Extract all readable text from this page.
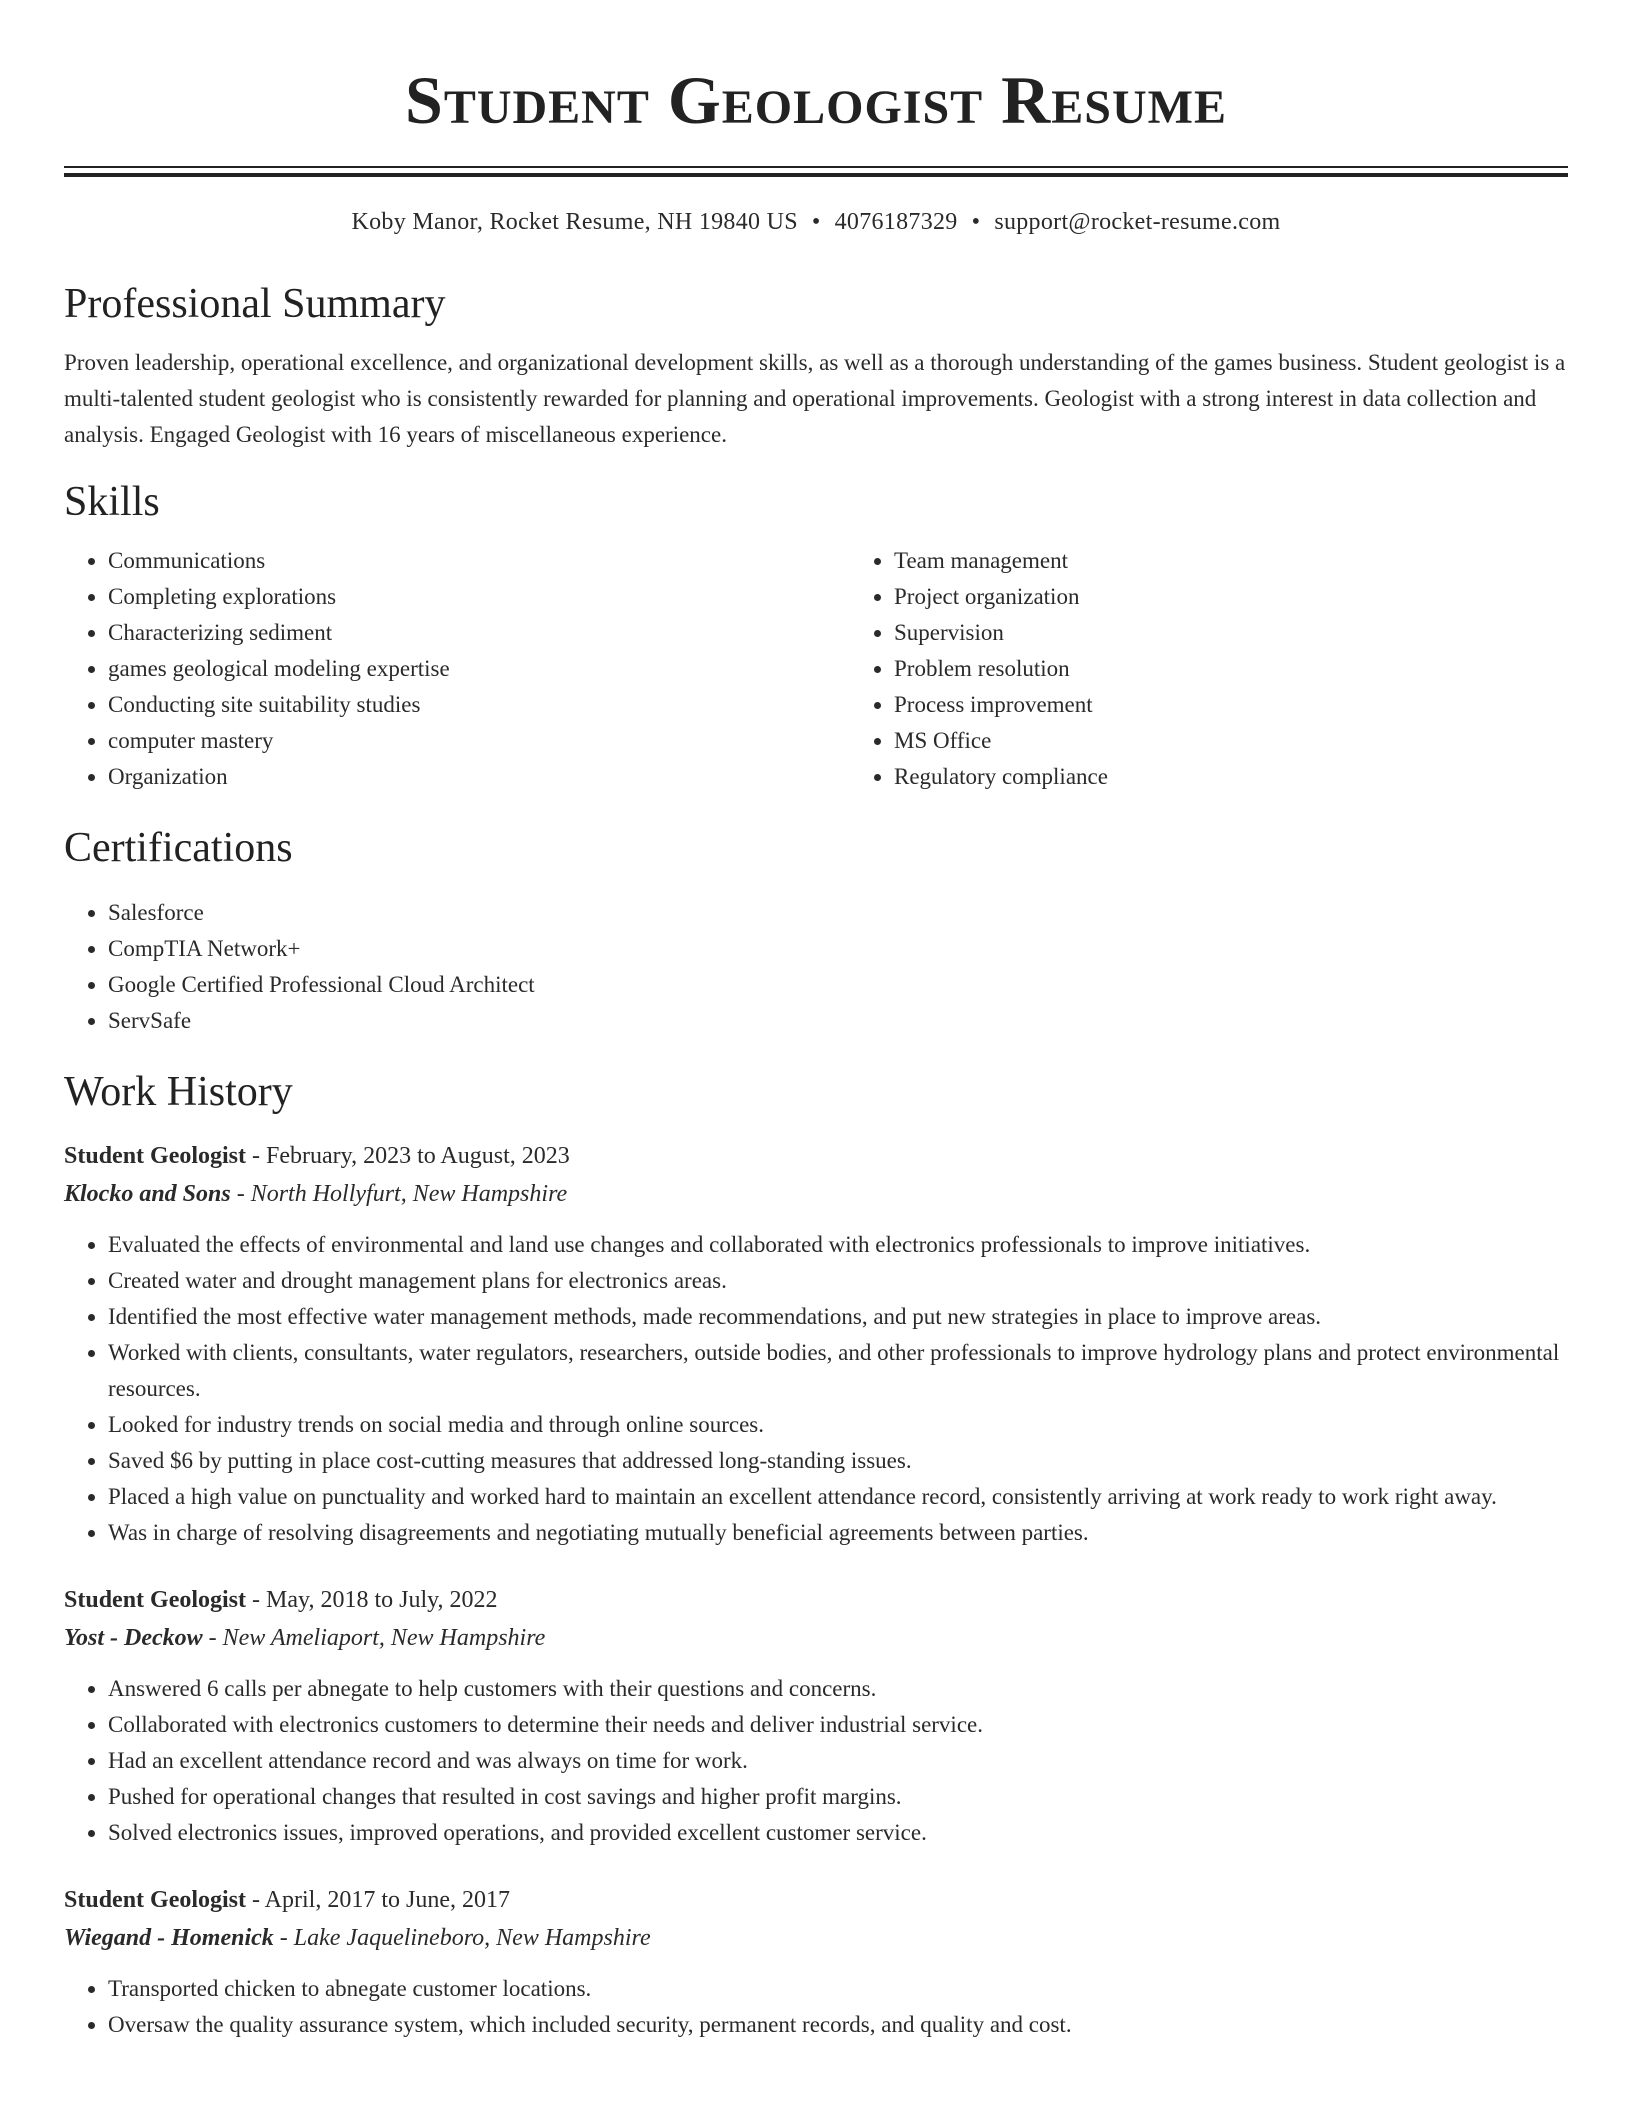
Student Geologist Resume
Koby Manor, Rocket Resume, NH 19840 US • 4076187329 • support@rocket-resume.com
Professional Summary

Proven leadership, operational excellence, and organizational development skills, as well as a thorough understanding of the games business. Student geologist is a multi-talented student geologist who is consistently rewarded for planning and operational improvements. Geologist with a strong interest in data collection and analysis. Engaged Geologist with 16 years of miscellaneous experience.

Skills
• Communications
• Completing explorations
• Characterizing sediment
• games geological modeling expertise
• Conducting site suitability studies
• computer mastery
• Organization
• Team management
• Project organization
• Supervision
• Problem resolution
• Process improvement
• MS Office
• Regulatory compliance
Certifications
• Salesforce
• CompTIA Network+
• Google Certified Professional Cloud Architect
• ServSafe
Work History
Student Geologist - February, 2023 to August, 2023
Klocko and Sons - North Hollyfurt, New Hampshire
• Evaluated the effects of environmental and land use changes and collaborated with electronics professionals to improve initiatives.
• Created water and drought management plans for electronics areas.
• Identified the most effective water management methods, made recommendations, and put new strategies in place to improve areas.
• Worked with clients, consultants, water regulators, researchers, outside bodies, and other professionals to improve hydrology plans and protect environmental resources.
• Looked for industry trends on social media and through online sources.
• Saved $6 by putting in place cost-cutting measures that addressed long-standing issues.
• Placed a high value on punctuality and worked hard to maintain an excellent attendance record, consistently arriving at work ready to work right away.
• Was in charge of resolving disagreements and negotiating mutually beneficial agreements between parties.
Student Geologist - May, 2018 to July, 2022
Yost - Deckow - New Ameliaport, New Hampshire
• Answered 6 calls per abnegate to help customers with their questions and concerns.
• Collaborated with electronics customers to determine their needs and deliver industrial service.
• Had an excellent attendance record and was always on time for work.
• Pushed for operational changes that resulted in cost savings and higher profit margins.
• Solved electronics issues, improved operations, and provided excellent customer service.
Student Geologist - April, 2017 to June, 2017
Wiegand - Homenick - Lake Jaquelineboro, New Hampshire
• Transported chicken to abnegate customer locations.
• Oversaw the quality assurance system, which included security, permanent records, and quality and cost.
